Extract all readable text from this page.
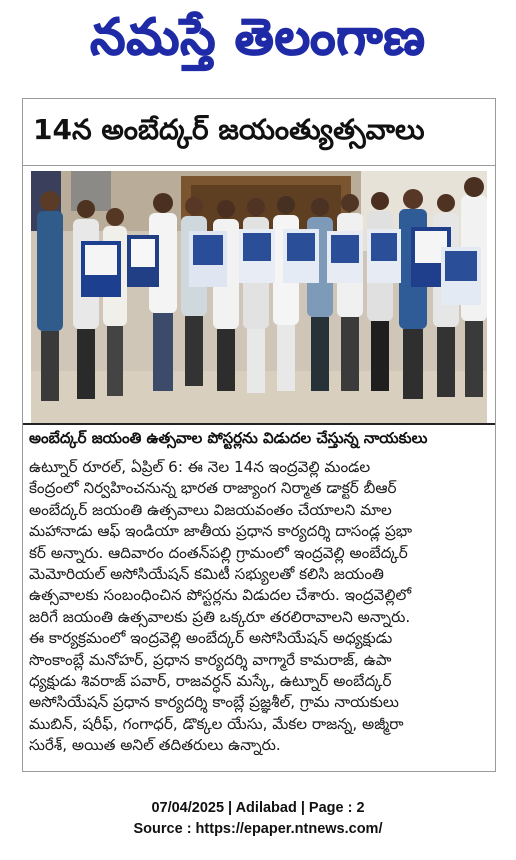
నమస్తే తెలంగాణ
14న అంబేద్కర్ జయంత్యుత్సవాలు
అంబేద్కర్ జయంతి ఉత్సవాల పోస్టర్లను విడుదల చేస్తున్న నాయకులు
ఉట్నూర్ రూరల్, ఏప్రిల్ 6: ఈ నెల 14న ఇంద్రవెల్లి మండల
కేంద్రంలో నిర్వహించనున్న భారత రాజ్యాంగ నిర్మాత డాక్టర్ బీఆర్
అంబేద్కర్ జయంతి ఉత్సవాలు విజయవంతం చేయాలని మాల
మహానాడు ఆఫ్ ఇండియా జాతీయ ప్రధాన కార్యదర్శి దాసండ్ల ప్రభా
కర్ అన్నారు. ఆదివారం దంతన్‌పల్లి గ్రామంలో ఇంద్రవెల్లి అంబేద్కర్
మెమోరియల్ అసోసియేషన్ కమిటీ సభ్యులతో కలిసి జయంతి
ఉత్సవాలకు సంబంధించిన పోస్టర్లను విడుదల చేశారు. ఇంద్రవెల్లిలో
జరిగే జయంతి ఉత్సవాలకు ప్రతి ఒక్కరూ తరలిరావాలని అన్నారు.
ఈ కార్యక్రమంలో ఇంద్రవెల్లి అంబేద్కర్ అసోసియేషన్ అధ్యక్షుడు
సొంకాంబ్లే మనోహర్, ప్రధాన కార్యదర్శి వాగ్మారే కామరాజ్, ఉపా
ధ్యక్షుడు శివరాజ్ పవార్, రాజవర్ధన్ మస్కే, ఉట్నూర్ అంబేద్కర్
అసోసియేషన్ ప్రధాన కార్యదర్శి కాంబ్లే ప్రజ్ఞశీల్, గ్రామ నాయకులు
ముబిన్, షరీఫ్, గంగాధర్, డొక్కల యేసు, మేకల రాజన్న, అజ్మీరా
సురేశ్, అయిత అనిల్ తదితరులు ఉన్నారు.
07/04/2025 | Adilabad | Page : 2
Source : https://epaper.ntnews.com/
